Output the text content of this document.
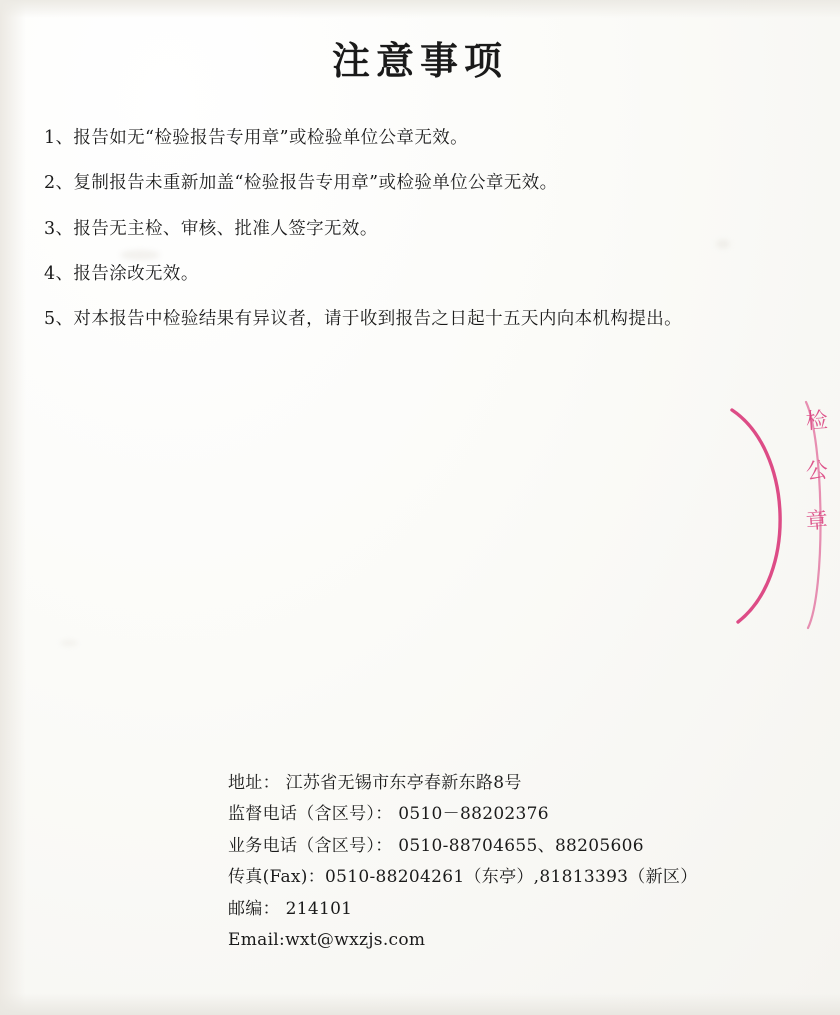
检
公
章
注意事项
1、报告如无“检验报告专用章”或检验单位公章无效。
2、复制报告未重新加盖“检验报告专用章”或检验单位公章无效。
3、报告无主检、审核、批准人签字无效。
4、报告涂改无效。
5、对本报告中检验结果有异议者，请于收到报告之日起十五天内向本机构提出。
地址： 江苏省无锡市东亭春新东路8号
监督电话（含区号）： 0510－88202376
业务电话（含区号）： 0510-88704655、88205606
传真(Fax)：0510-88204261（东亭）,81813393（新区）
邮编： 214101
Email:wxt@wxzjs.com
